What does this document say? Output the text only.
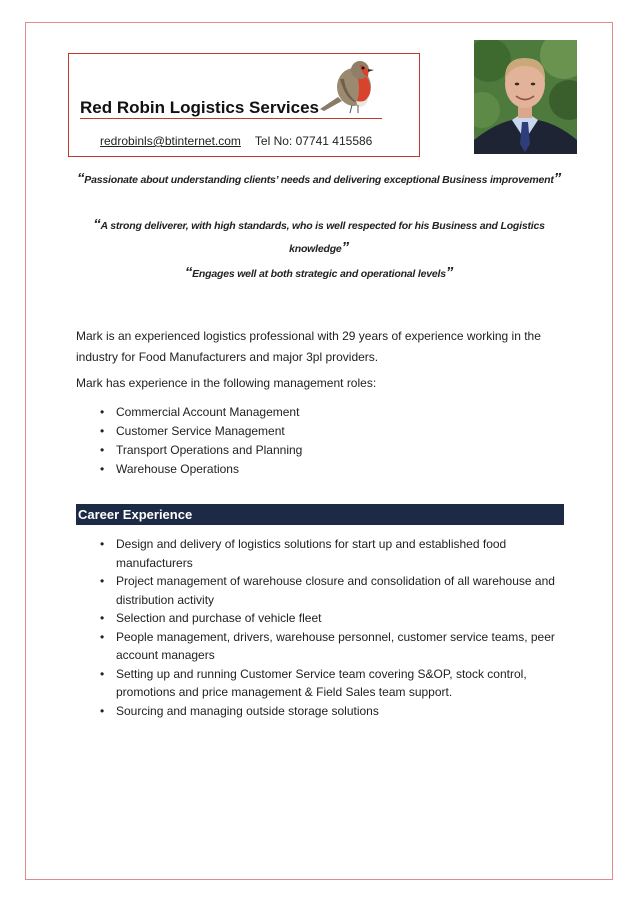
Red Robin Logistics Services
redrobinls@btinternet.com Tel No: 07741 415586
“Passionate about understanding clients’ needs and delivering exceptional Business improvement”
“A strong deliverer, with high standards, who is well respected for his Business and Logistics knowledge”
“Engages well at both strategic and operational levels”
Mark is an experienced logistics professional with 29 years of experience working in the industry for Food Manufacturers and major 3pl providers.
Mark has experience in the following management roles:
• Commercial Account Management
• Customer Service Management
• Transport Operations and Planning
• Warehouse Operations
Career Experience
• Design and delivery of logistics solutions for start up and established food manufacturers
• Project management of warehouse closure and consolidation of all warehouse and distribution activity
• Selection and purchase of vehicle fleet
• People management, drivers, warehouse personnel, customer service teams, peer account managers
• Setting up and running Customer Service team covering S&OP, stock control, promotions and price management & Field Sales team support.
• Sourcing and managing outside storage solutions
